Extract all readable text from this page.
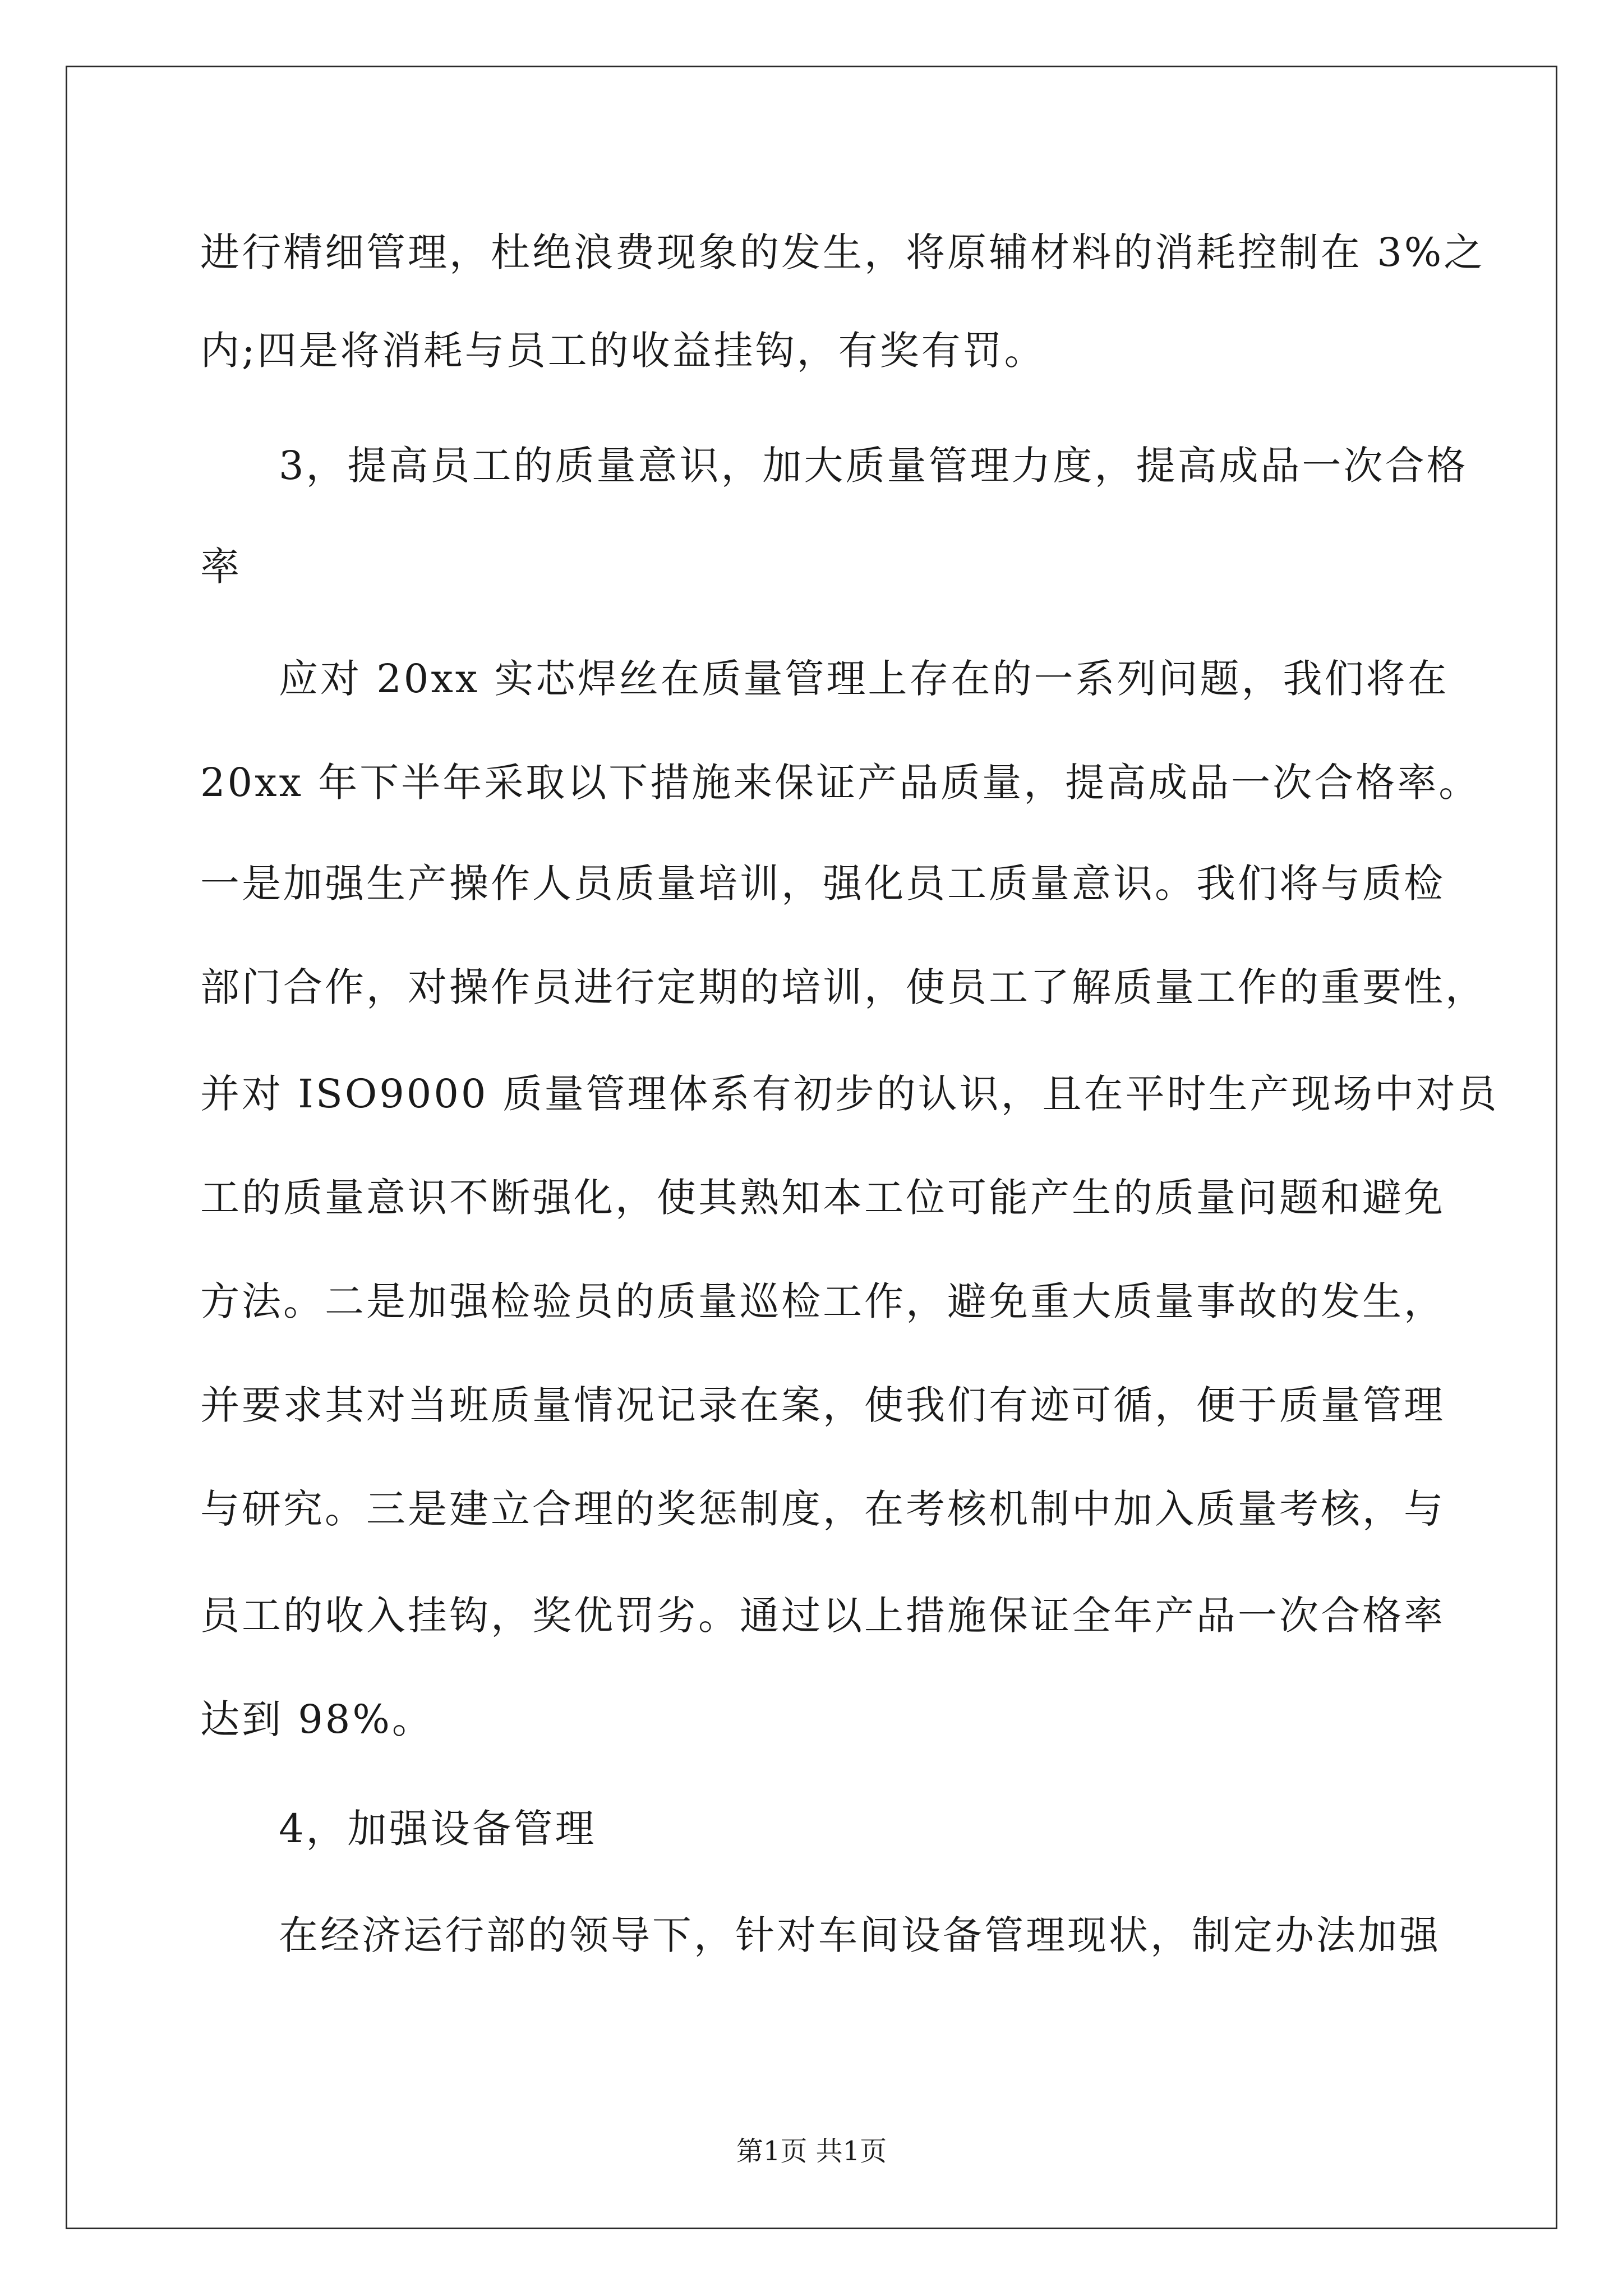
进行精细管理，杜绝浪费现象的发生，将原辅材料的消耗控制在 3%之
内;四是将消耗与员工的收益挂钩，有奖有罚。
3，提高员工的质量意识，加大质量管理力度，提高成品一次合格
率
应对 20xx 实芯焊丝在质量管理上存在的一系列问题，我们将在
20xx 年下半年采取以下措施来保证产品质量，提高成品一次合格率。
一是加强生产操作人员质量培训，强化员工质量意识。我们将与质检
部门合作，对操作员进行定期的培训，使员工了解质量工作的重要性，
并对 ISO9000 质量管理体系有初步的认识，且在平时生产现场中对员
工的质量意识不断强化，使其熟知本工位可能产生的质量问题和避免
方法。二是加强检验员的质量巡检工作，避免重大质量事故的发生，
并要求其对当班质量情况记录在案，使我们有迹可循，便于质量管理
与研究。三是建立合理的奖惩制度，在考核机制中加入质量考核，与
员工的收入挂钩，奖优罚劣。通过以上措施保证全年产品一次合格率
达到 98%。
4，加强设备管理
在经济运行部的领导下，针对车间设备管理现状，制定办法加强
第1页 共1页
